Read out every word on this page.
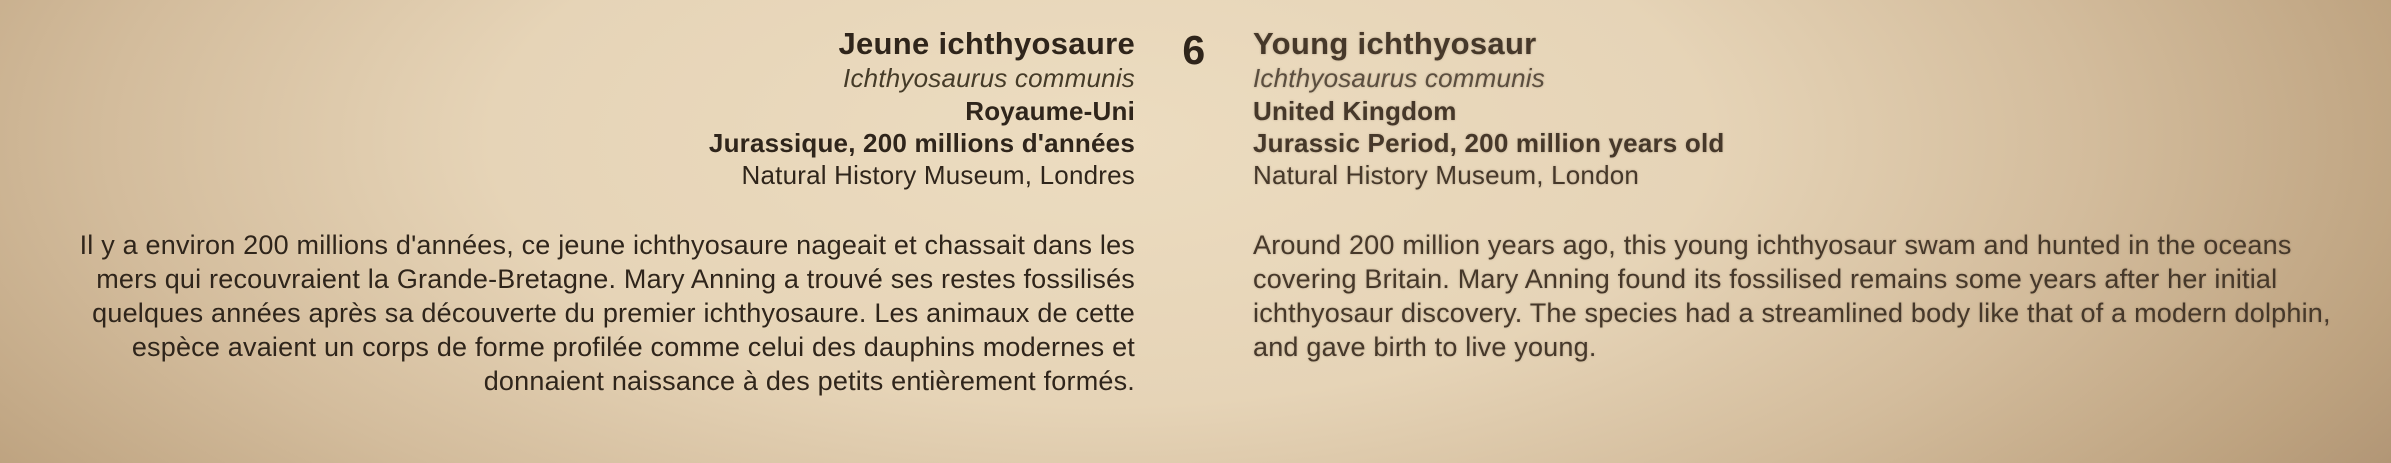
Jeune ichthyosaure

Ichthyosaurus communis

Royaume-Uni

Jurassique, 200 millions d'années

Natural History Museum, Londres

Il y a environ 200 millions d'années, ce jeune ichthyosaure nageait et chassait dans les mers qui recouvraient la Grande-Bretagne. Mary Anning a trouvé ses restes fossilisés quelques années après sa découverte du premier ichthyosaure. Les animaux de cette espèce avaient un corps de forme profilée comme celui des dauphins modernes et donnaient naissance à des petits entièrement formés.

6	Young ichthyosaur

Ichthyosaurus communis

United Kingdom

Jurassic Period, 200 million years old

Natural History Museum, London

Around 200 million years ago, this young ichthyosaur swam and hunted in the oceans covering Britain. Mary Anning found its fossilised remains some years after her initial ichthyosaur discovery. The species had a streamlined body like that of a modern dolphin, and gave birth to live young.
